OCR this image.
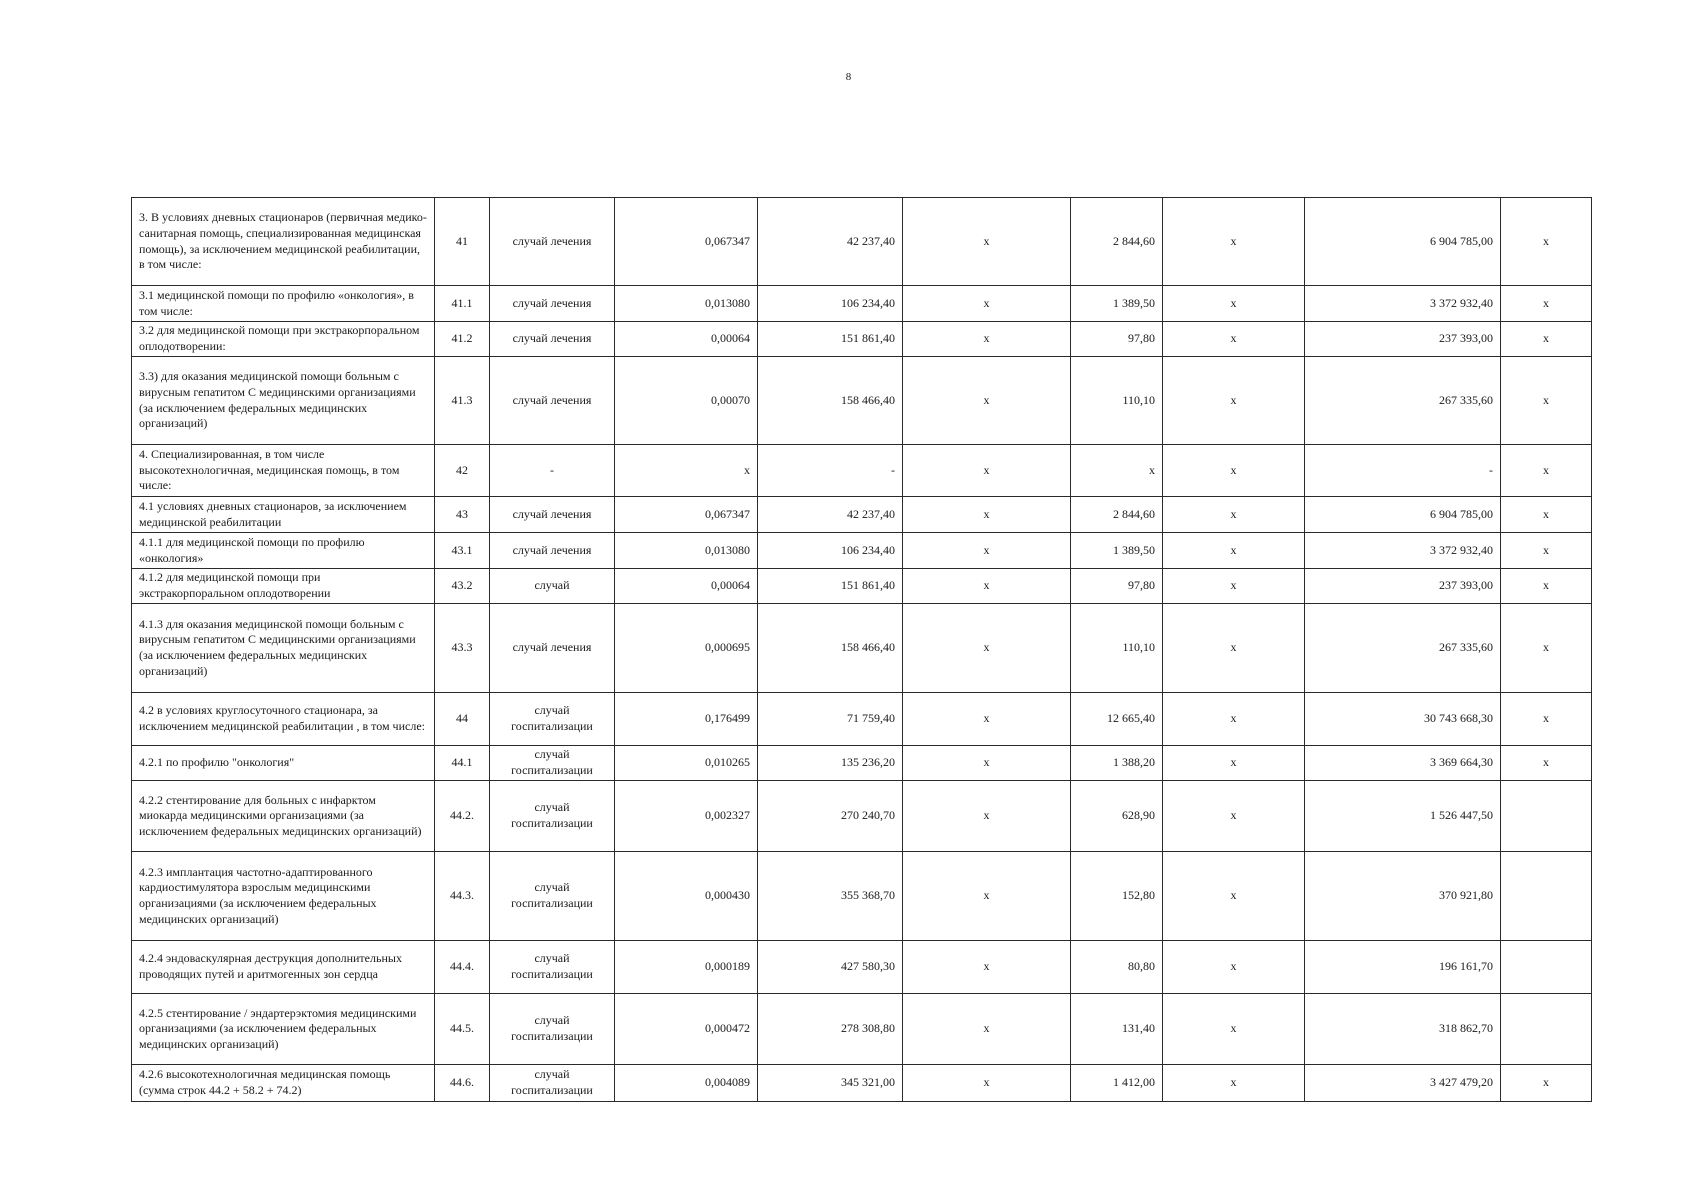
8
3. В условиях дневных стационаров (первичная медико-санитарная помощь, специализированная медицинская помощь), за исключением медицинской реабилитации, в том числе:	41	случай лечения	0,067347	42 237,40	х	2 844,60	х	6 904 785,00	х
3.1 медицинской помощи по профилю «онкология», в том числе:	41.1	случай лечения	0,013080	106 234,40	х	1 389,50	х	3 372 932,40	х
3.2 для медицинской помощи при экстракорпоральном оплодотворении:	41.2	случай лечения	0,00064	151 861,40	х	97,80	х	237 393,00	х
3.3) для оказания медицинской помощи больным с вирусным гепатитом С медицинскими организациями (за исключением федеральных медицинских организаций)	41.3	случай лечения	0,00070	158 466,40	х	110,10	х	267 335,60	х
4. Специализированная, в том числе высокотехнологичная, медицинская помощь, в том числе:	42	-	х	-	х	х	х	-	х
4.1 условиях дневных стационаров, за исключением медицинской реабилитации	43	случай лечения	0,067347	42 237,40	х	2 844,60	х	6 904 785,00	х
4.1.1 для медицинской помощи по профилю «онкология»	43.1	случай лечения	0,013080	106 234,40	х	1 389,50	х	3 372 932,40	х
4.1.2 для медицинской помощи при экстракорпоральном оплодотворении	43.2	случай	0,00064	151 861,40	х	97,80	х	237 393,00	х
4.1.3 для оказания медицинской помощи больным с вирусным гепатитом С медицинскими организациями (за исключением федеральных медицинских организаций)	43.3	случай лечения	0,000695	158 466,40	х	110,10	х	267 335,60	х
4.2 в условиях круглосуточного стационара, за исключением медицинской реабилитации , в том числе:	44	случай госпитализации	0,176499	71 759,40	х	12 665,40	х	30 743 668,30	х
4.2.1 по профилю "онкология"	44.1	случай госпитализации	0,010265	135 236,20	х	1 388,20	х	3 369 664,30	х
4.2.2 стентирование для больных с инфарктом миокарда медицинскими организациями (за исключением федеральных медицинских организаций)	44.2.	случай госпитализации	0,002327	270 240,70	х	628,90	х	1 526 447,50	
4.2.3 имплантация частотно-адаптированного кардиостимулятора взрослым медицинскими организациями (за исключением федеральных медицинских организаций)	44.3.	случай госпитализации	0,000430	355 368,70	х	152,80	х	370 921,80	
4.2.4 эндоваскулярная деструкция дополнительных проводящих путей и аритмогенных зон сердца	44.4.	случай госпитализации	0,000189	427 580,30	х	80,80	х	196 161,70	
4.2.5 стентирование / эндартерэктомия медицинскими организациями (за исключением федеральных медицинских организаций)	44.5.	случай госпитализации	0,000472	278 308,80	х	131,40	х	318 862,70	
4.2.6 высокотехнологичная медицинская помощь (сумма строк 44.2 + 58.2 + 74.2)	44.6.	случай госпитализации	0,004089	345 321,00	х	1 412,00	х	3 427 479,20	х
